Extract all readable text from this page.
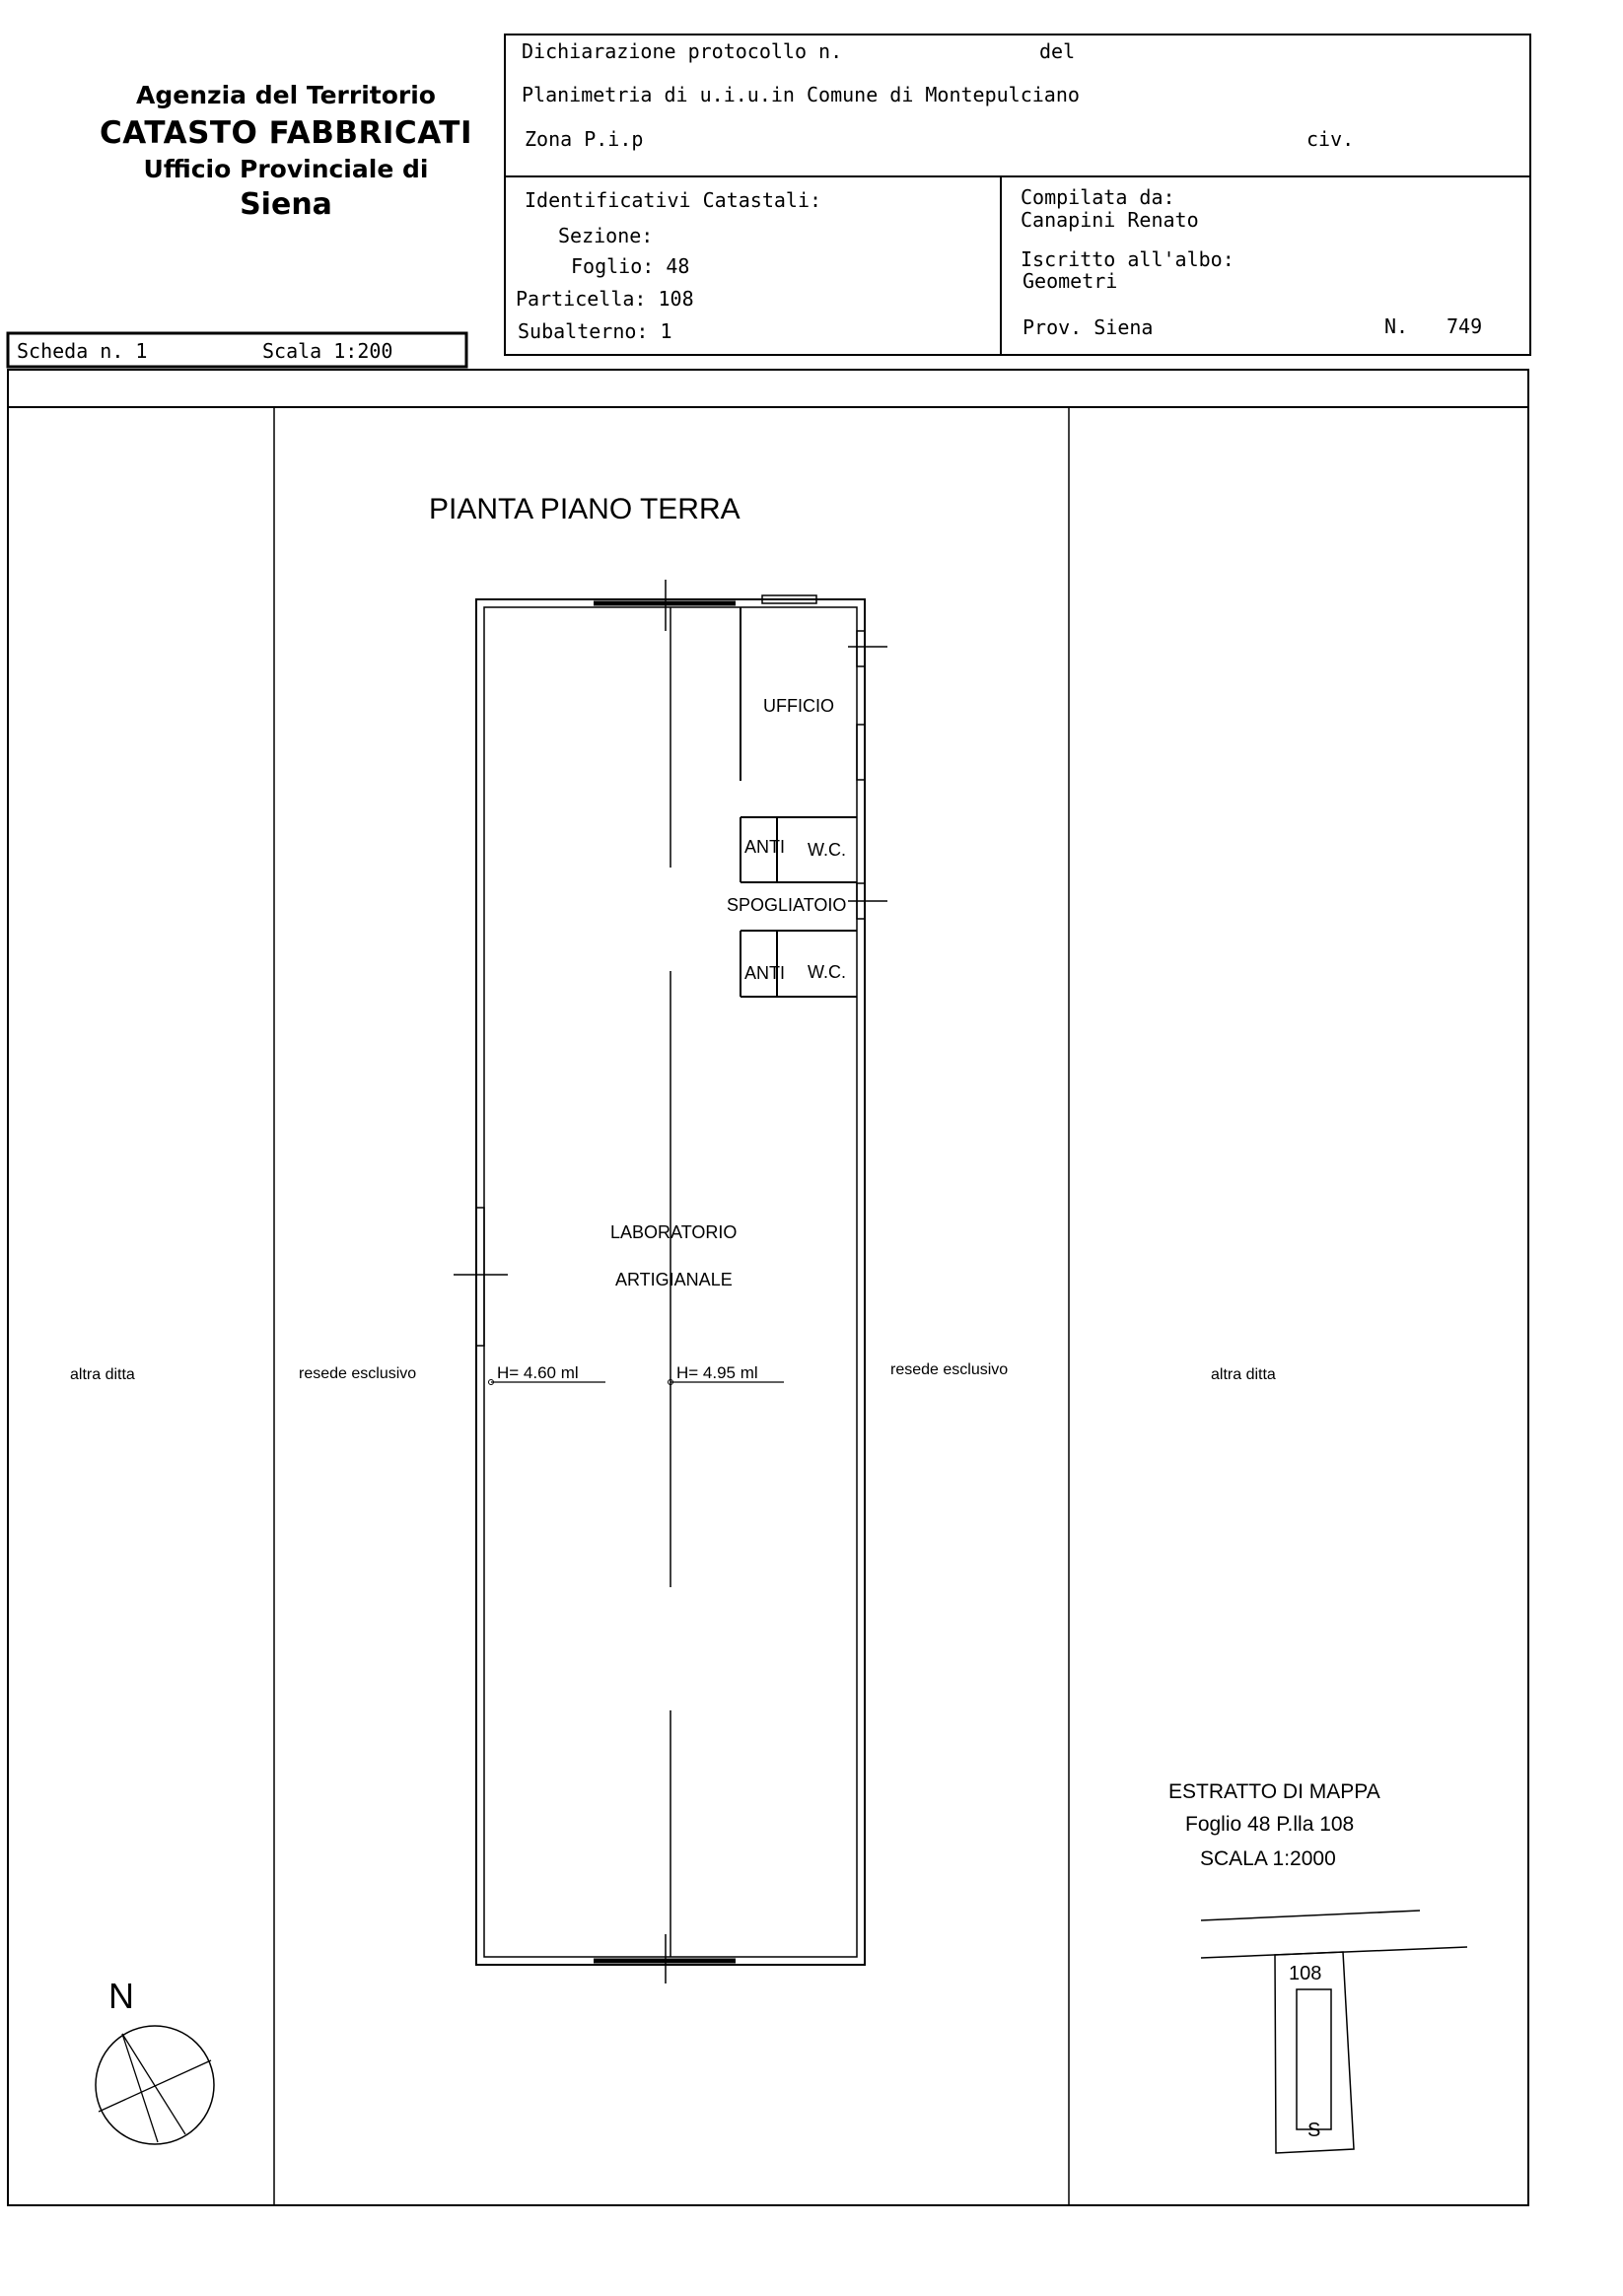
Agenzia del Territorio
CATASTO FABBRICATI
Ufficio Provinciale di
Siena
Dichiarazione protocollo n.	del
Planimetria di u.i.u.in Comune di Montepulciano
Zona P.i.p	civ.
Identificativi Catastali:
Sezione:
Foglio: 48
Particella: 108
Subalterno: 1
Compilata da:
Canapini Renato
Iscritto all'albo:
Geometri
Prov. Siena	N. 749
Scheda n. 1	Scala 1:200
PIANTA PIANO TERRA
UFFICIO
ANTI W.C.
SPOGLIATOIO
ANTI W.C.
LABORATORIO
ARTIGIANALE
H= 4.60 ml	H= 4.95 ml
altra ditta	resede esclusivo	resede esclusivo	altra ditta
ESTRATTO DI MAPPA
Foglio 48 P.lla 108
SCALA 1:2000
108
S
N
